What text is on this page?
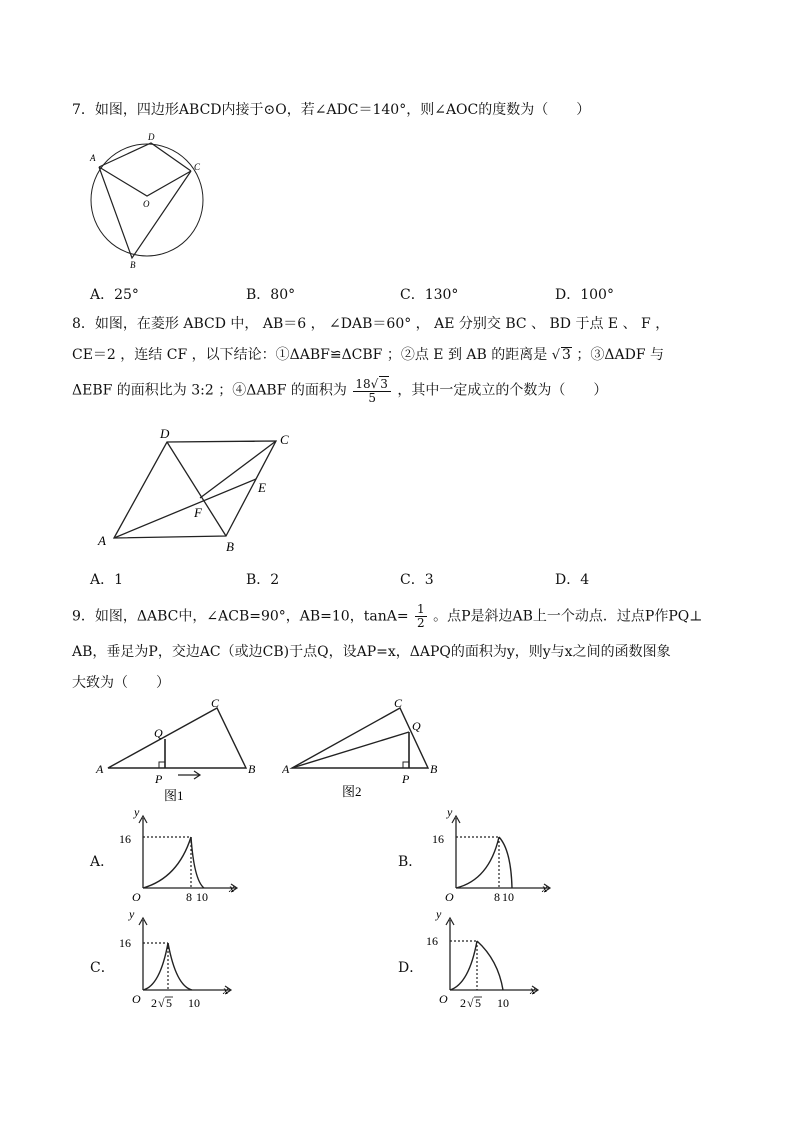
7．如图，四边形ABCD内接于⊙O，若∠ADC＝140°，则∠AOC的度数为（　　）
A
D
C
O
B
A．25°	B．80°	C．130°	D．100°
8．如图，在菱形 ABCD 中， AB＝6 ， ∠DAB＝60° ， AE 分别交 BC 、 BD 于点 E 、 F ，
CE＝2 ，连结 CF ，以下结论：①ΔABF≌ΔCBF ；②点 E 到 AB 的距离是 √ 3 ；③ΔADF 与
ΔEBF 的面积比为 3:2 ；④ΔABF 的面积为 $\frac{18√ 3}{5}$ ，其中一定成立的个数为（　　）
A	B
C
D
E
F
A．1	B．2	C．3	D．4
9．如图，ΔABC中，∠ACB=90°，AB=10，$\tan A= \frac{1}{2}$ 。点P是斜边AB上一个动点．过点P作PQ⊥
AB，垂足为P，交边AC（或边CB)于点Q，设AP=x，ΔAPQ的面积为y，则y与x之间的函数图象
大致为（　　）
A	B
C
P
Q
图1
A	B
C
P
Q
图2
A．
y
16
O	8 10
x
B．
y
16
O	8 10
x
C．
y
16
O 2 √ 5 10
x
D．
y
16
O 2 √ 5 10
x
